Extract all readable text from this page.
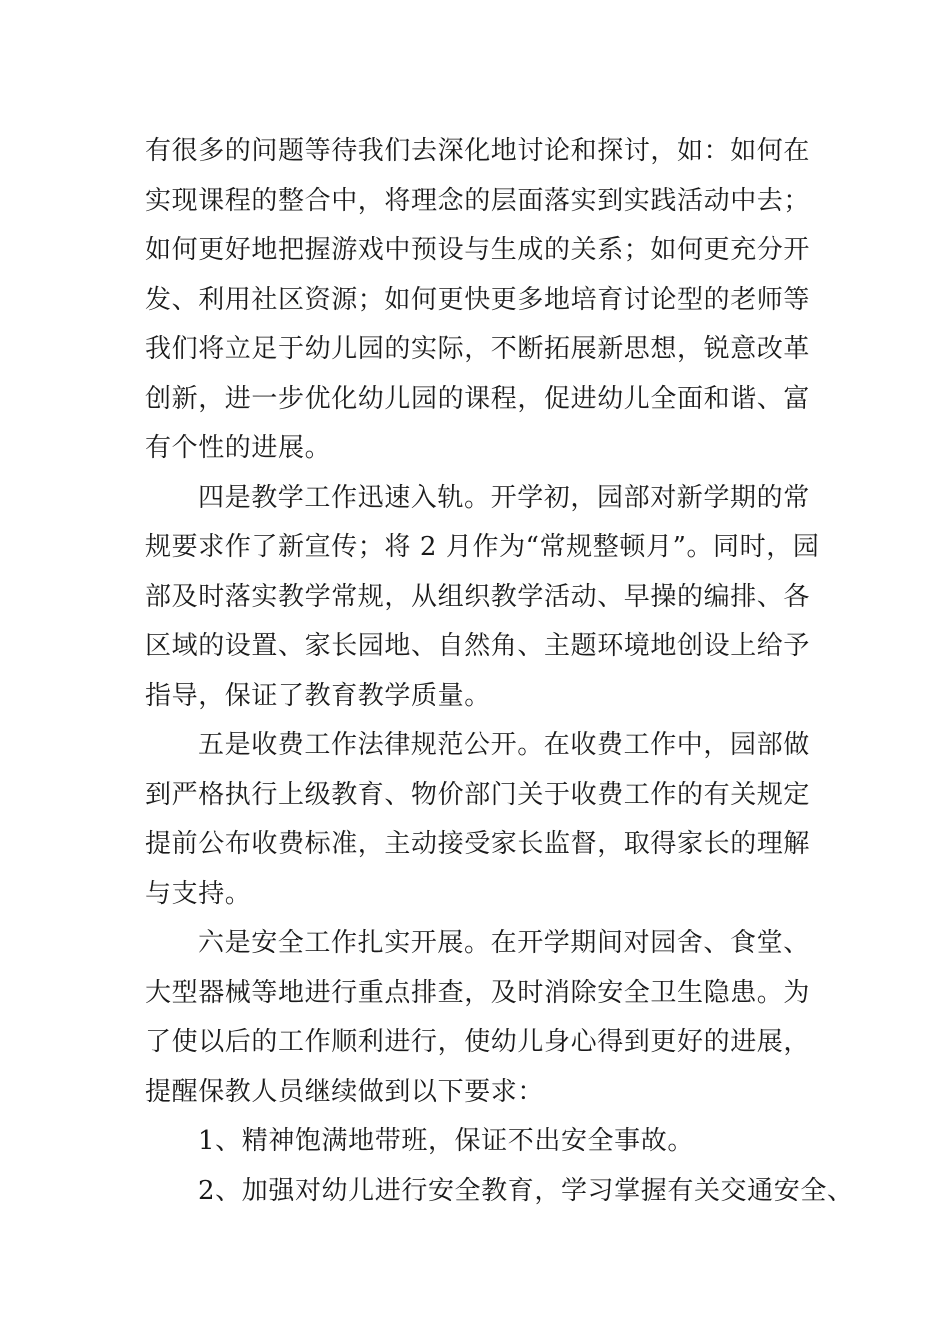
有很多的问题等待我们去深化地讨论和探讨，如：如何在
实现课程的整合中，将理念的层面落实到实践活动中去；
如何更好地把握游戏中预设与生成的关系；如何更充分开
发、利用社区资源；如何更快更多地培育讨论型的老师等
我们将立足于幼儿园的实际，不断拓展新思想，锐意改革
创新，进一步优化幼儿园的课程，促进幼儿全面和谐、富
有个性的进展。
四是教学工作迅速入轨。开学初，园部对新学期的常
规要求作了新宣传；将 2 月作为“常规整顿月”。同时，园
部及时落实教学常规，从组织教学活动、早操的编排、各
区域的设置、家长园地、自然角、主题环境地创设上给予
指导，保证了教育教学质量。
五是收费工作法律规范公开。在收费工作中，园部做
到严格执行上级教育、物价部门关于收费工作的有关规定
提前公布收费标准，主动接受家长监督，取得家长的理解
与支持。
六是安全工作扎实开展。在开学期间对园舍、食堂、
大型器械等地进行重点排查，及时消除安全卫生隐患。为
了使以后的工作顺利进行，使幼儿身心得到更好的进展，
提醒保教人员继续做到以下要求：
1、精神饱满地带班，保证不出安全事故。
2、加强对幼儿进行安全教育，学习掌握有关交通安全、
